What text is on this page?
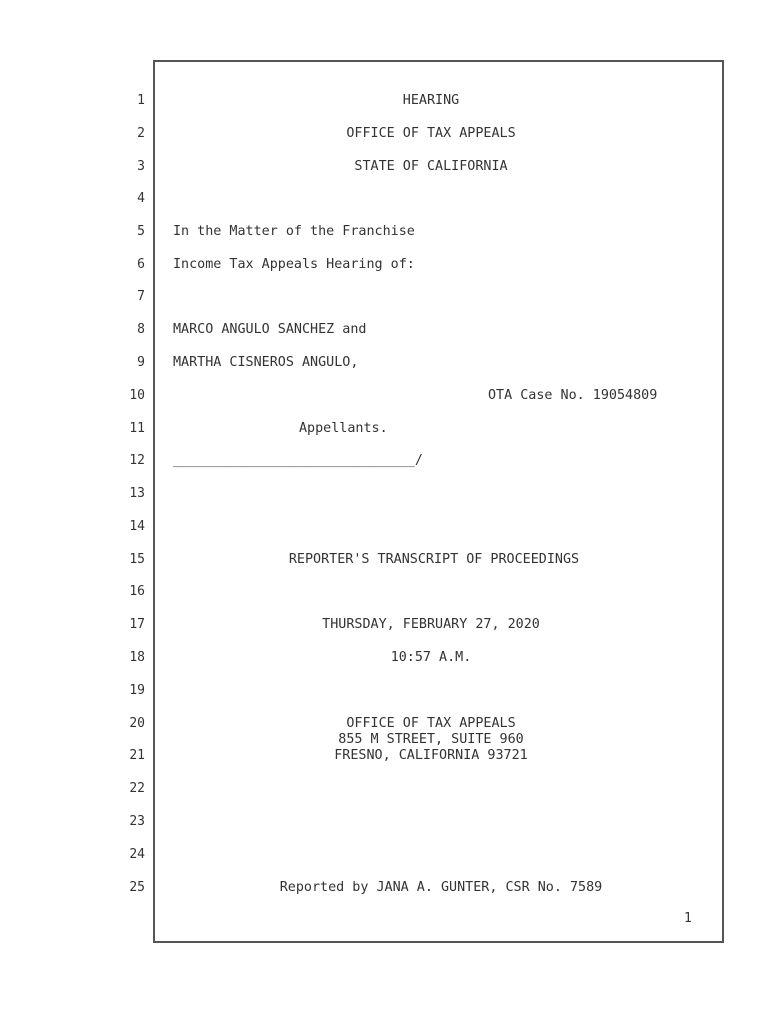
1
2
3
4
5
6
7
8
9
10
11
12
13
14
15
16
17
18
19
20
21
22
23
24
25
HEARING
OFFICE OF TAX APPEALS
STATE OF CALIFORNIA
In the Matter of the Franchise
Income Tax Appeals Hearing of:
MARCO ANGULO SANCHEZ and
MARTHA CISNEROS ANGULO,
OTA Case No. 19054809
Appellants.
______________________________/
REPORTER'S TRANSCRIPT OF PROCEEDINGS
THURSDAY, FEBRUARY 27, 2020
10:57 A.M.
OFFICE OF TAX APPEALS
855 M STREET, SUITE 960
FRESNO, CALIFORNIA 93721
Reported by JANA A. GUNTER, CSR No. 7589
1
